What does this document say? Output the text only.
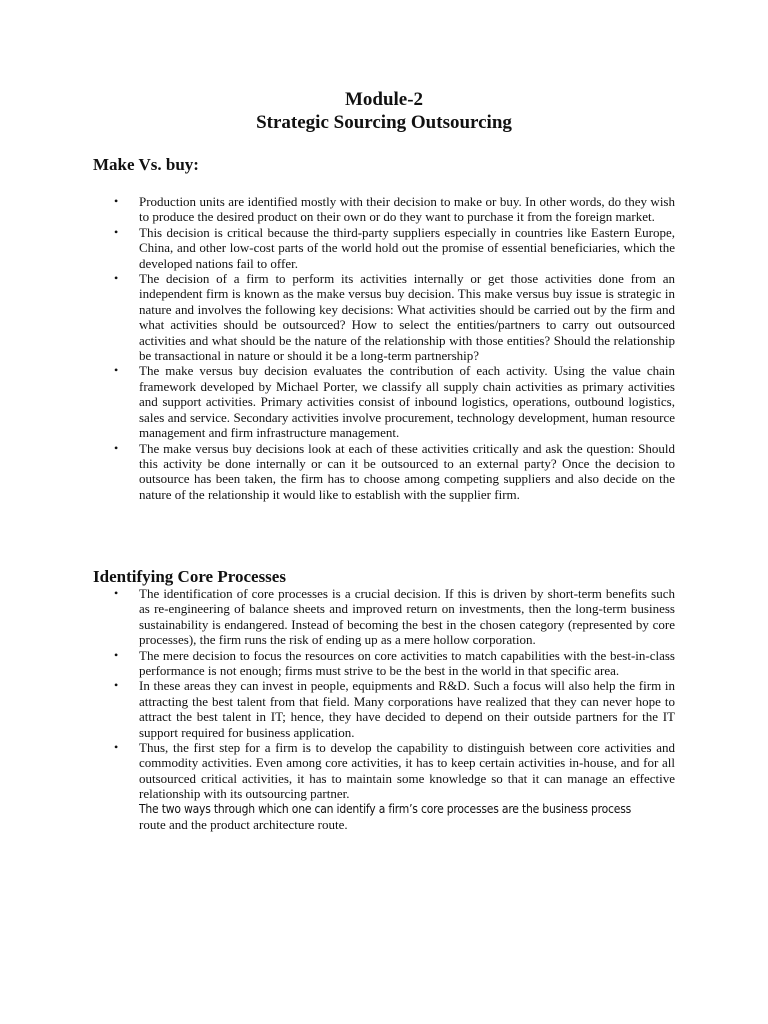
Module-2
Strategic Sourcing Outsourcing
Make Vs. buy:
• Production units are identified mostly with their decision to make or buy. In other words, do they wish to produce the desired product on their own or do they want to purchase it from the foreign market.
• This decision is critical because the third-party suppliers especially in countries like Eastern Europe, China, and other low-cost parts of the world hold out the promise of essential beneficiaries, which the developed nations fail to offer.
• The decision of a firm to perform its activities internally or get those activities done from an independent firm is known as the make versus buy decision. This make versus buy issue is strategic in nature and involves the following key decisions: What activities should be carried out by the firm and what activities should be outsourced? How to select the entities/partners to carry out outsourced activities and what should be the nature of the relationship with those entities? Should the relationship be transactional in nature or should it be a long-term partnership?
• The make versus buy decision evaluates the contribution of each activity. Using the value chain framework developed by Michael Porter, we classify all supply chain activities as primary activities and support activities. Primary activities consist of inbound logistics, operations, outbound logistics, sales and service. Secondary activities involve procurement, technology development, human resource management and firm infrastructure management.
• The make versus buy decisions look at each of these activities critically and ask the question: Should this activity be done internally or can it be outsourced to an external party? Once the decision to outsource has been taken, the firm has to choose among competing suppliers and also decide on the nature of the relationship it would like to establish with the supplier firm.
Identifying Core Processes
• The identification of core processes is a crucial decision. If this is driven by short-term benefits such as re-engineering of balance sheets and improved return on investments, then the long-term business sustainability is endangered. Instead of becoming the best in the chosen category (represented by core processes), the firm runs the risk of ending up as a mere hollow corporation.
• The mere decision to focus the resources on core activities to match capabilities with the best-in-class performance is not enough; firms must strive to be the best in the world in that specific area.
• In these areas they can invest in people, equipments and R&D. Such a focus will also help the firm in attracting the best talent from that field. Many corporations have realized that they can never hope to attract the best talent in IT; hence, they have decided to depend on their outside partners for the IT support required for business application.
• Thus, the first step for a firm is to develop the capability to distinguish between core activities and commodity activities. Even among core activities, it has to keep certain activities in-house, and for all outsourced critical activities, it has to maintain some knowledge so that it can manage an effective relationship with its outsourcing partner.
The two ways through which one can identify a firm’s core processes are the business process
route and the product architecture route.
